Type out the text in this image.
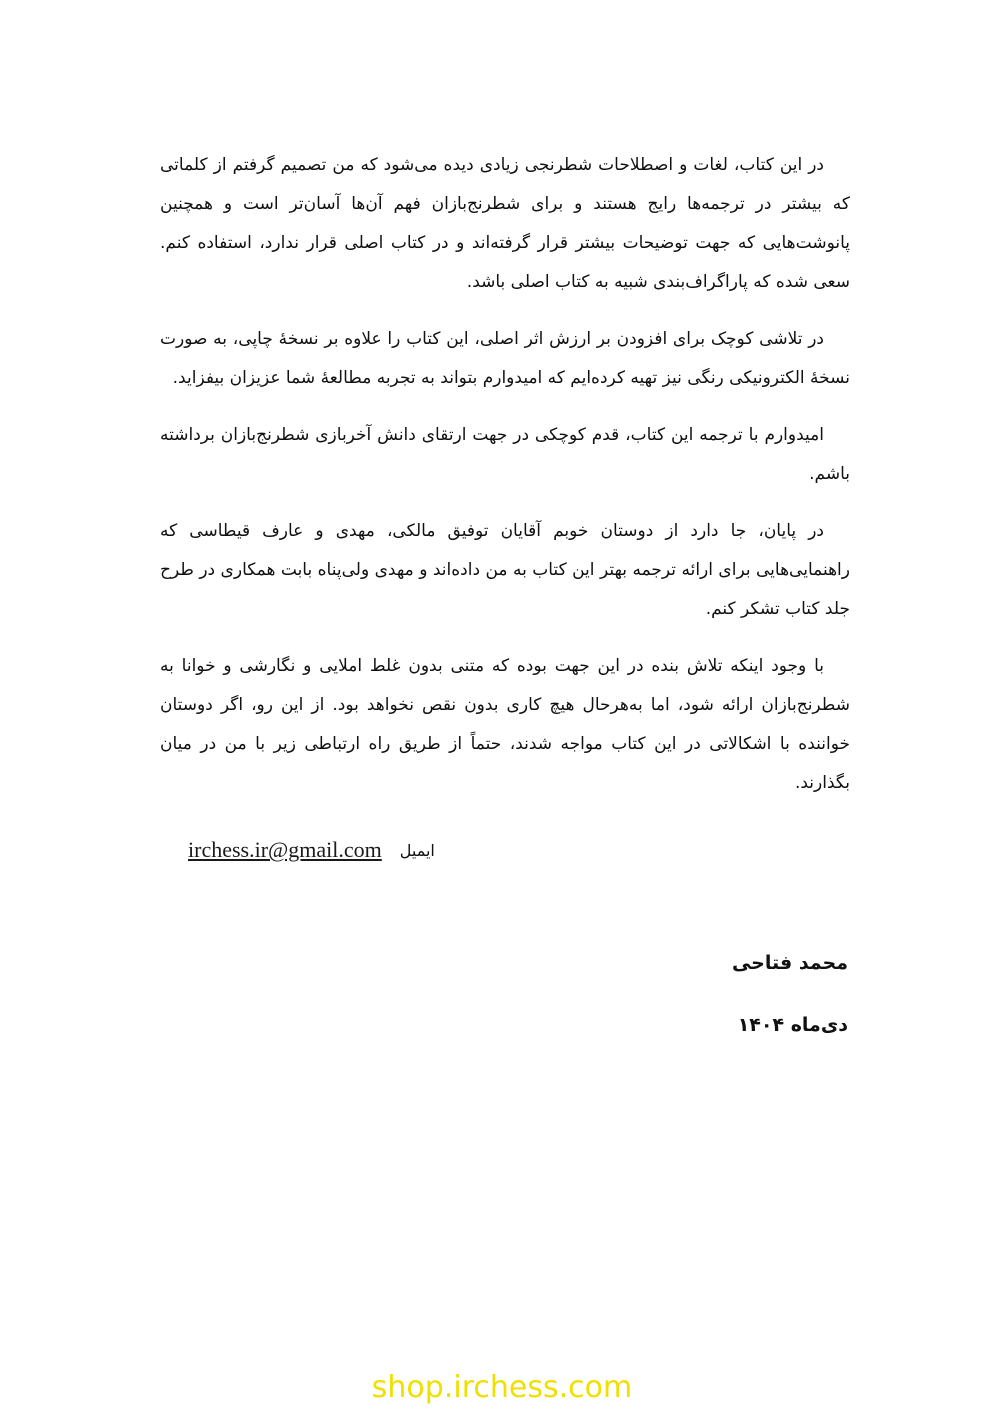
در این کتاب، لغات و اصطلاحات شطرنجی زیادی دیده می‌شود که من تصمیم گرفتم از کلماتی که بیشتر در ترجمه‌ها رایج هستند و برای شطرنج‌بازان فهم آن‌ها آسان‌تر است و همچنین پانوشت‌هایی که جهت توضیحات بیشتر قرار گرفته‌اند و در کتاب اصلی قرار ندارد، استفاده کنم. سعی شده که پاراگراف‌بندی شبیه به کتاب اصلی باشد.

در تلاشی کوچک برای افزودن بر ارزش اثر اصلی، این کتاب را علاوه بر نسخهٔ چاپی، به صورت نسخهٔ الکترونیکی رنگی نیز تهیه کرده‌ایم که امیدوارم بتواند به تجربه مطالعهٔ شما عزیزان بیفزاید.

امیدوارم با ترجمه این کتاب، قدم کوچکی در جهت ارتقای دانش آخربازی شطرنج‌بازان برداشته باشم.

در پایان، جا دارد از دوستان خوبم آقایان توفیق مالکی، مهدی و عارف قیطاسی که راهنمایی‌هایی برای ارائه ترجمه بهتر این کتاب به من داده‌اند و مهدی ولی‌پناه بابت همکاری در طرح جلد کتاب تشکر کنم.

با وجود اینکه تلاش بنده در این جهت بوده که متنی بدون غلط املایی و نگارشی و خوانا به شطرنج‌بازان ارائه شود، اما به‌هرحال هیچ کاری بدون نقص نخواهد بود. از این رو، اگر دوستان خواننده با اشکالاتی در این کتاب مواجه شدند، حتماً از طریق راه ارتباطی زیر با من در میان بگذارند.

irchess.ir@gmail.com ایمیل
محمد فتاحی
دی‌ماه ۱۴۰۴
shop.irchess.com
